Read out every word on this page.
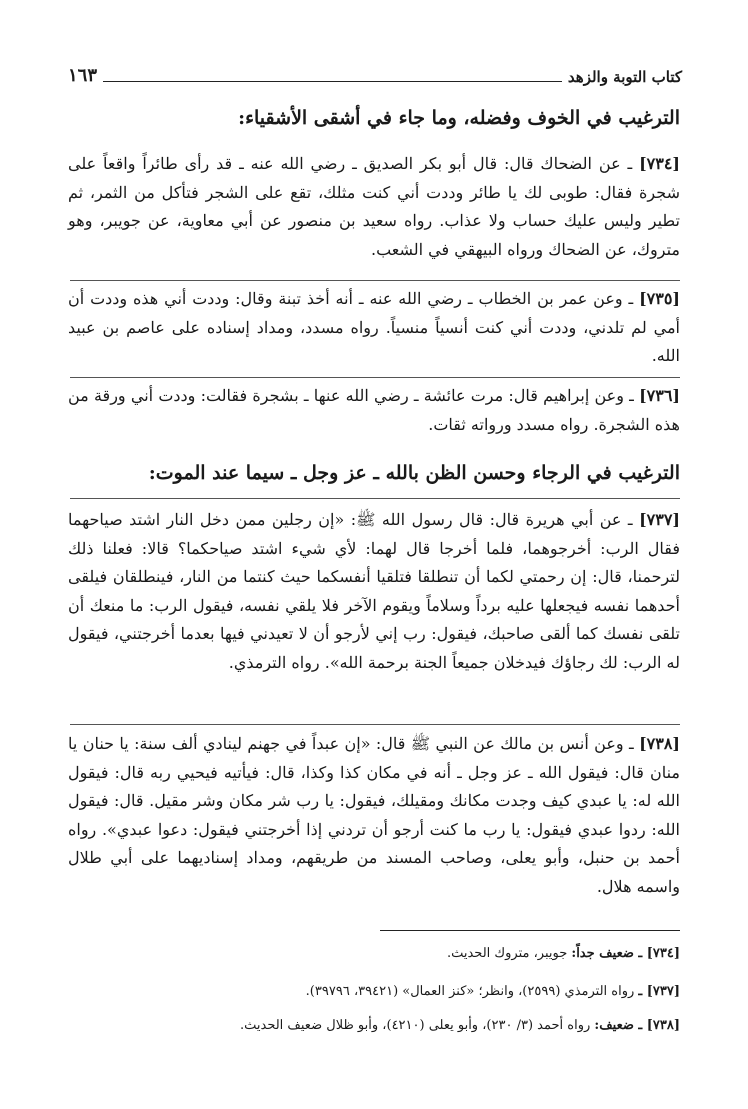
كتاب التوبة والزهد
١٦٣
الترغيب في الخوف وفضله، وما جاء في أشقى الأشقياء:
[٧٣٤] ـ عن الضحاك قال: قال أبو بكر الصديق ـ رضي الله عنه ـ قد رأى طائراً واقعاً على شجرة فقال: طوبى لك يا طائر وددت أني كنت مثلك، تقع على الشجر فتأكل من الثمر، ثم تطير وليس عليك حساب ولا عذاب. رواه سعيد بن منصور عن أبي معاوية، عن جويبر، وهو متروك، عن الضحاك ورواه البيهقي في الشعب.
[٧٣٥] ـ وعن عمر بن الخطاب ـ رضي الله عنه ـ أنه أخذ تبنة وقال: وددت أني هذه وددت أن أمي لم تلدني، وددت أني كنت أنسياً منسياً. رواه مسدد، ومداد إسناده على عاصم بن عبيد الله.
[٧٣٦] ـ وعن إبراهيم قال: مرت عائشة ـ رضي الله عنها ـ بشجرة فقالت: وددت أني ورقة من هذه الشجرة. رواه مسدد ورواته ثقات.
الترغيب في الرجاء وحسن الظن بالله ـ عز وجل ـ سيما عند الموت:
[٧٣٧] ـ عن أبي هريرة قال: قال رسول الله ﷺ: «إن رجلين ممن دخل النار اشتد صياحهما فقال الرب: أخرجوهما، فلما أخرجا قال لهما: لأي شيء اشتد صياحكما؟ قالا: فعلنا ذلك لترحمنا، قال: إن رحمتي لكما أن تنطلقا فتلقيا أنفسكما حيث كنتما من النار، فينطلقان فيلقى أحدهما نفسه فيجعلها عليه برداً وسلاماً ويقوم الآخر فلا يلقي نفسه، فيقول الرب: ما منعك أن تلقى نفسك كما ألقى صاحبك، فيقول: رب إني لأرجو أن لا تعيدني فيها بعدما أخرجتني، فيقول له الرب: لك رجاؤك فيدخلان جميعاً الجنة برحمة الله». رواه الترمذي.
[٧٣٨] ـ وعن أنس بن مالك عن النبي ﷺ قال: «إن عبداً في جهنم لينادي ألف سنة: يا حنان يا منان قال: فيقول الله ـ عز وجل ـ أنه في مكان كذا وكذا، قال: فيأتيه فيحيي ربه قال: فيقول الله له: يا عبدي كيف وجدت مكانك ومقيلك، فيقول: يا رب شر مكان وشر مقيل. قال: فيقول الله: ردوا عبدي فيقول: يا رب ما كنت أرجو أن تردني إذا أخرجتني فيقول: دعوا عبدي». رواه أحمد بن حنبل، وأبو يعلى، وصاحب المسند من طريقهم، ومداد إسناديهما على أبي طلال واسمه هلال.
[٧٣٤] ـ ضعيف جداً: جويبر، متروك الحديث.
[٧٣٧] ـ رواه الترمذي (٢٥٩٩)، وانظر؛ «كنز العمال» (٣٩٤٢١، ٣٩٧٩٦).
[٧٣٨] ـ ضعيف: رواه أحمد (٣/ ٢٣٠)، وأبو يعلى (٤٢١٠)، وأبو ظلال ضعيف الحديث.
